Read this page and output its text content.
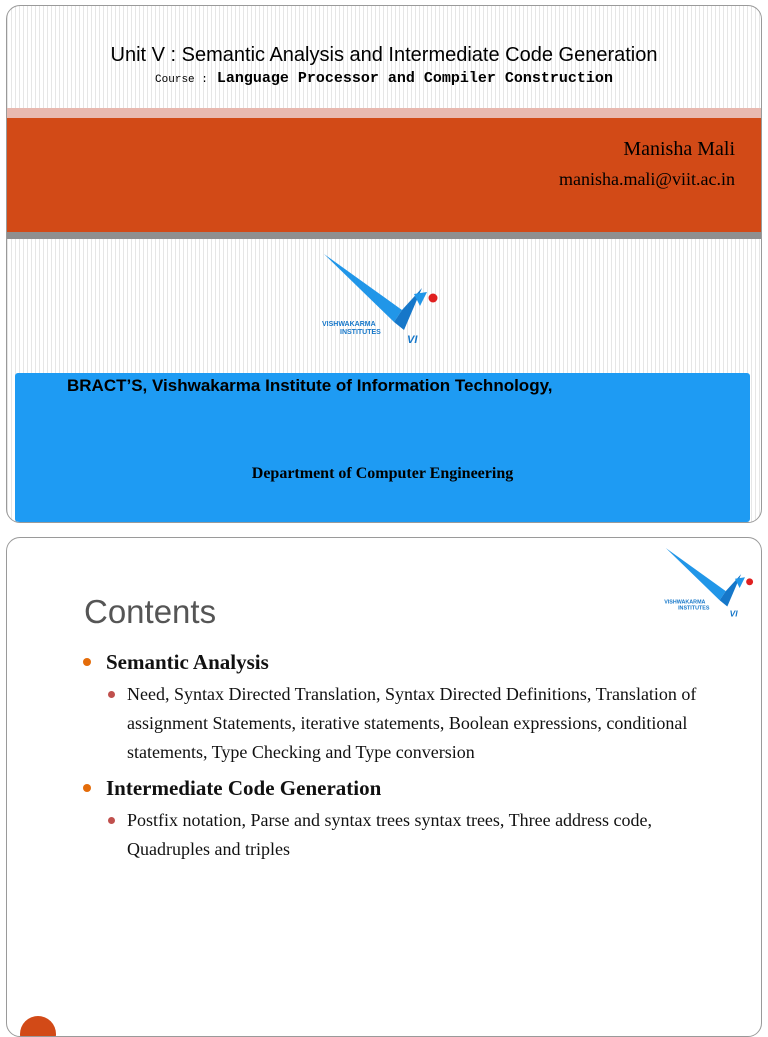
Unit V : Semantic Analysis and Intermediate Code Generation
Course : Language Processor and Compiler Construction
Manisha Mali
manisha.mali@viit.ac.in
VISHWAKARMA
INSTITUTES
VI
BRACT’S, Vishwakarma Institute of Information Technology,
Department of Computer Engineering
VISHWAKARMA
INSTITUTES VI
Contents
Semantic Analysis
Need, Syntax Directed Translation, Syntax Directed Definitions, Translation of assignment Statements, iterative statements, Boolean expressions, conditional statements, Type Checking and Type conversion
Intermediate Code Generation
Postfix notation, Parse and syntax trees syntax trees, Three address code, Quadruples and triples
